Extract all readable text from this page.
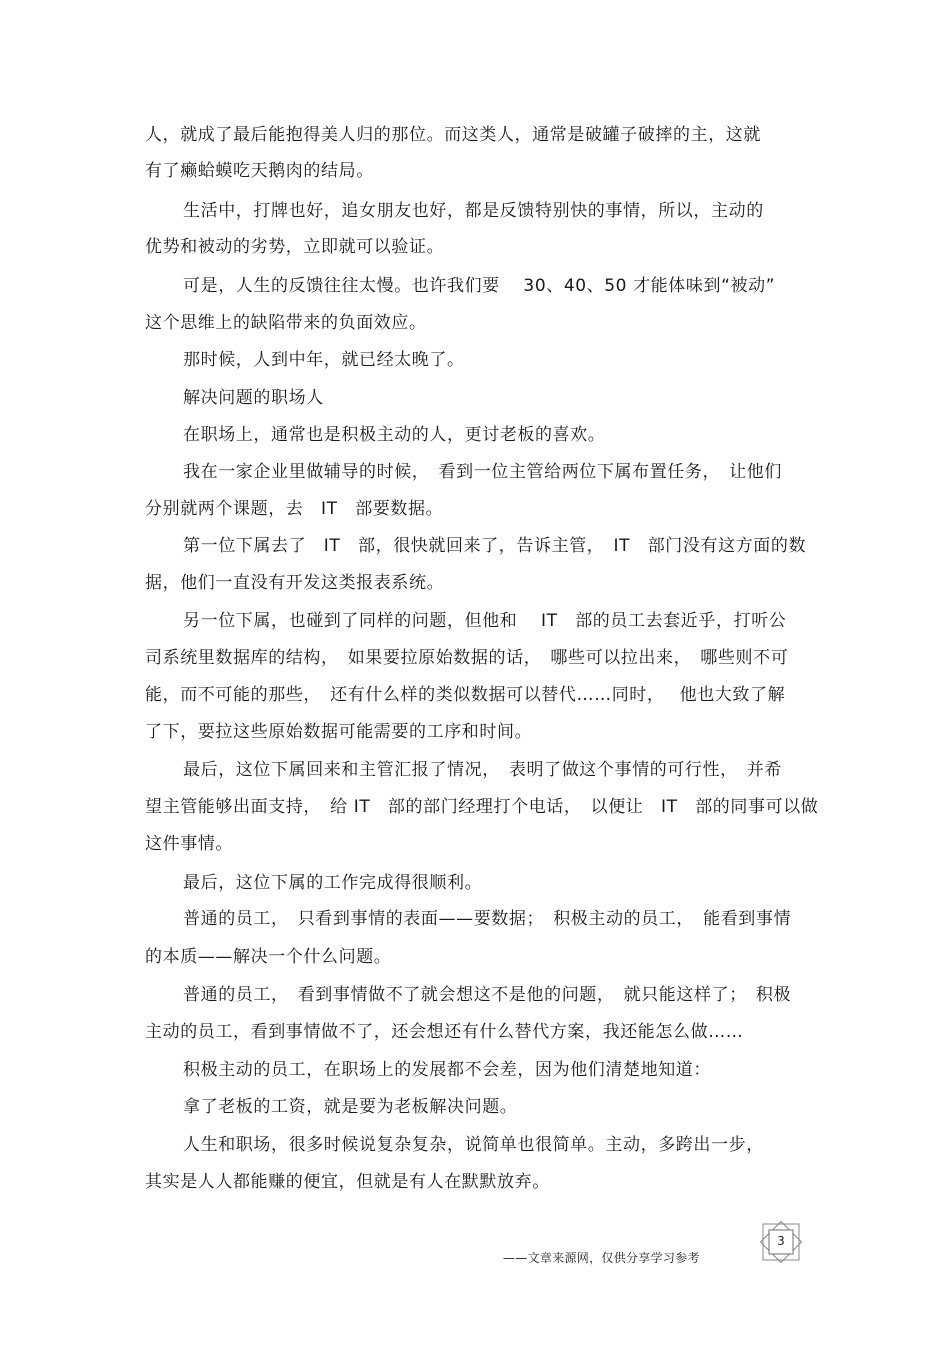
人，就成了最后能抱得美人归的那位。而这类人，通常是破罐子破摔的主，这就
有了癞蛤蟆吃天鹅肉的结局。
生活中，打牌也好，追女朋友也好，都是反馈特别快的事情，所以，主动的
优势和被动的劣势，立即就可以验证。
可是，人生的反馈往往太慢。也许我们要　 30、40、50 才能体味到“被动”
这个思维上的缺陷带来的负面效应。
那时候，人到中年，就已经太晚了。
解决问题的职场人
在职场上，通常也是积极主动的人，更讨老板的喜欢。
我在一家企业里做辅导的时候，　看到一位主管给两位下属布置任务，　让他们
分别就两个课题，去　IT　部要数据。
第一位下属去了　IT　部，很快就回来了，告诉主管，　IT　部门没有这方面的数
据，他们一直没有开发这类报表系统。
另一位下属，也碰到了同样的问题，但他和　 IT　部的员工去套近乎，打听公
司系统里数据库的结构，　如果要拉原始数据的话，　哪些可以拉出来，　哪些则不可
能，而不可能的那些，　还有什么样的类似数据可以替代……同时，　 他也大致了解
了下，要拉这些原始数据可能需要的工序和时间。
最后，这位下属回来和主管汇报了情况，　表明了做这个事情的可行性，　并希
望主管能够出面支持，　给 IT　部的部门经理打个电话，　以便让　IT　部的同事可以做
这件事情。
最后，这位下属的工作完成得很顺利。
普通的员工，　只看到事情的表面——要数据；　积极主动的员工，　能看到事情
的本质——解决一个什么问题。
普通的员工，　看到事情做不了就会想这不是他的问题，　就只能这样了；　积极
主动的员工，看到事情做不了，还会想还有什么替代方案，我还能怎么做……
积极主动的员工，在职场上的发展都不会差，因为他们清楚地知道：
拿了老板的工资，就是要为老板解决问题。
人生和职场，很多时候说复杂复杂，说简单也很简单。主动，多跨出一步，
其实是人人都能赚的便宜，但就是有人在默默放弃。
——文章来源网，仅供分享学习参考
3
